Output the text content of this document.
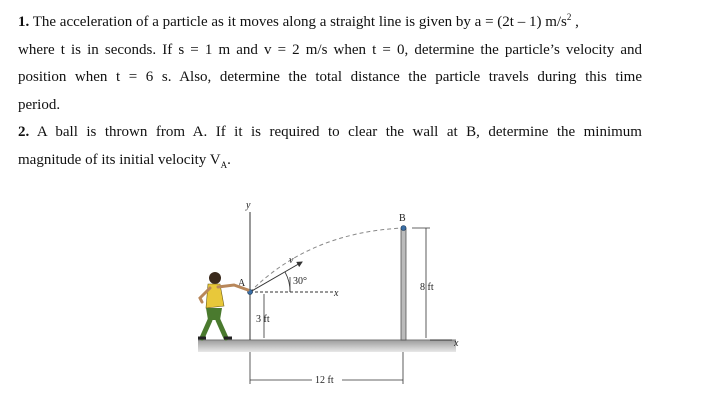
1. The acceleration of a particle as it moves along a straight line is given by a = (2t – 1) $m/s^2$ ,
where t is in seconds. If s = 1 m and v = 2 m/s when t = 0, determine the particle’s velocity and
position when t = 6 s. Also, determine the total distance the particle travels during this time
period.
2. A ball is thrown from A. If it is required to clear the wall at B, determine the minimum
magnitude of its initial velocity $V_A$.
y
x
x
v
30°
A
3 ft
B
8 ft
12 ft
